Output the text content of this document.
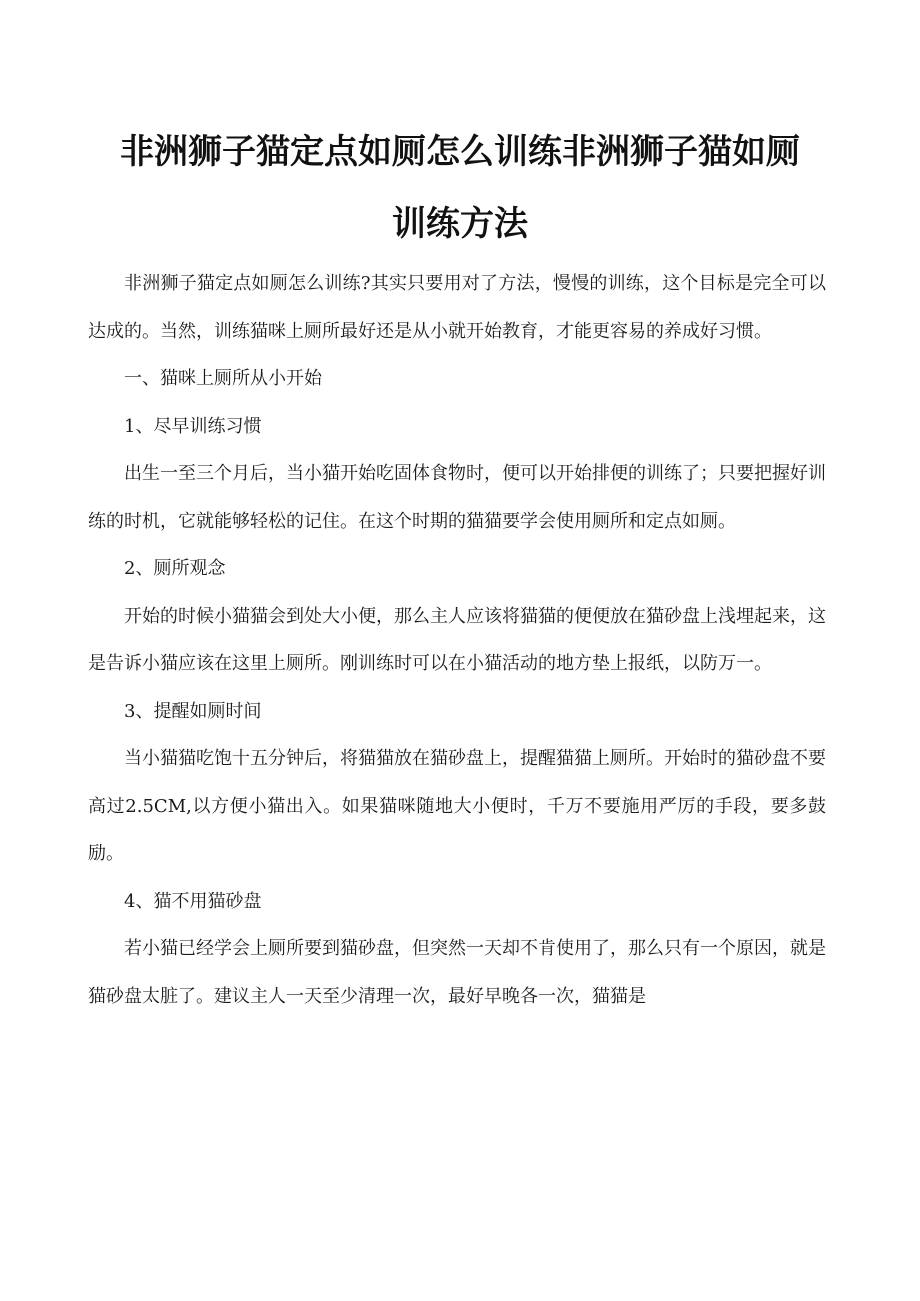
非洲狮子猫定点如厕怎么训练非洲狮子猫如厕
训练方法

非洲狮子猫定点如厕怎么训练?其实只要用对了方法，慢慢的训练，这个目标是完全可以达成的。当然，训练猫咪上厕所最好还是从小就开始教育，才能更容易的养成好习惯。

一、猫咪上厕所从小开始

1、尽早训练习惯

出生一至三个月后，当小猫开始吃固体食物时，便可以开始排便的训练了；只要把握好训练的时机，它就能够轻松的记住。在这个时期的猫猫要学会使用厕所和定点如厕。

2、厕所观念

开始的时候小猫猫会到处大小便，那么主人应该将猫猫的便便放在猫砂盘上浅埋起来，这是告诉小猫应该在这里上厕所。刚训练时可以在小猫活动的地方垫上报纸，以防万一。

3、提醒如厕时间

当小猫猫吃饱十五分钟后，将猫猫放在猫砂盘上，提醒猫猫上厕所。开始时的猫砂盘不要高过2.5CM,以方便小猫出入。如果猫咪随地大小便时，千万不要施用严厉的手段，要多鼓励。

4、猫不用猫砂盘

若小猫已经学会上厕所要到猫砂盘，但突然一天却不肯使用了，那么只有一个原因，就是猫砂盘太脏了。建议主人一天至少清理一次，最好早晚各一次，猫猫是
